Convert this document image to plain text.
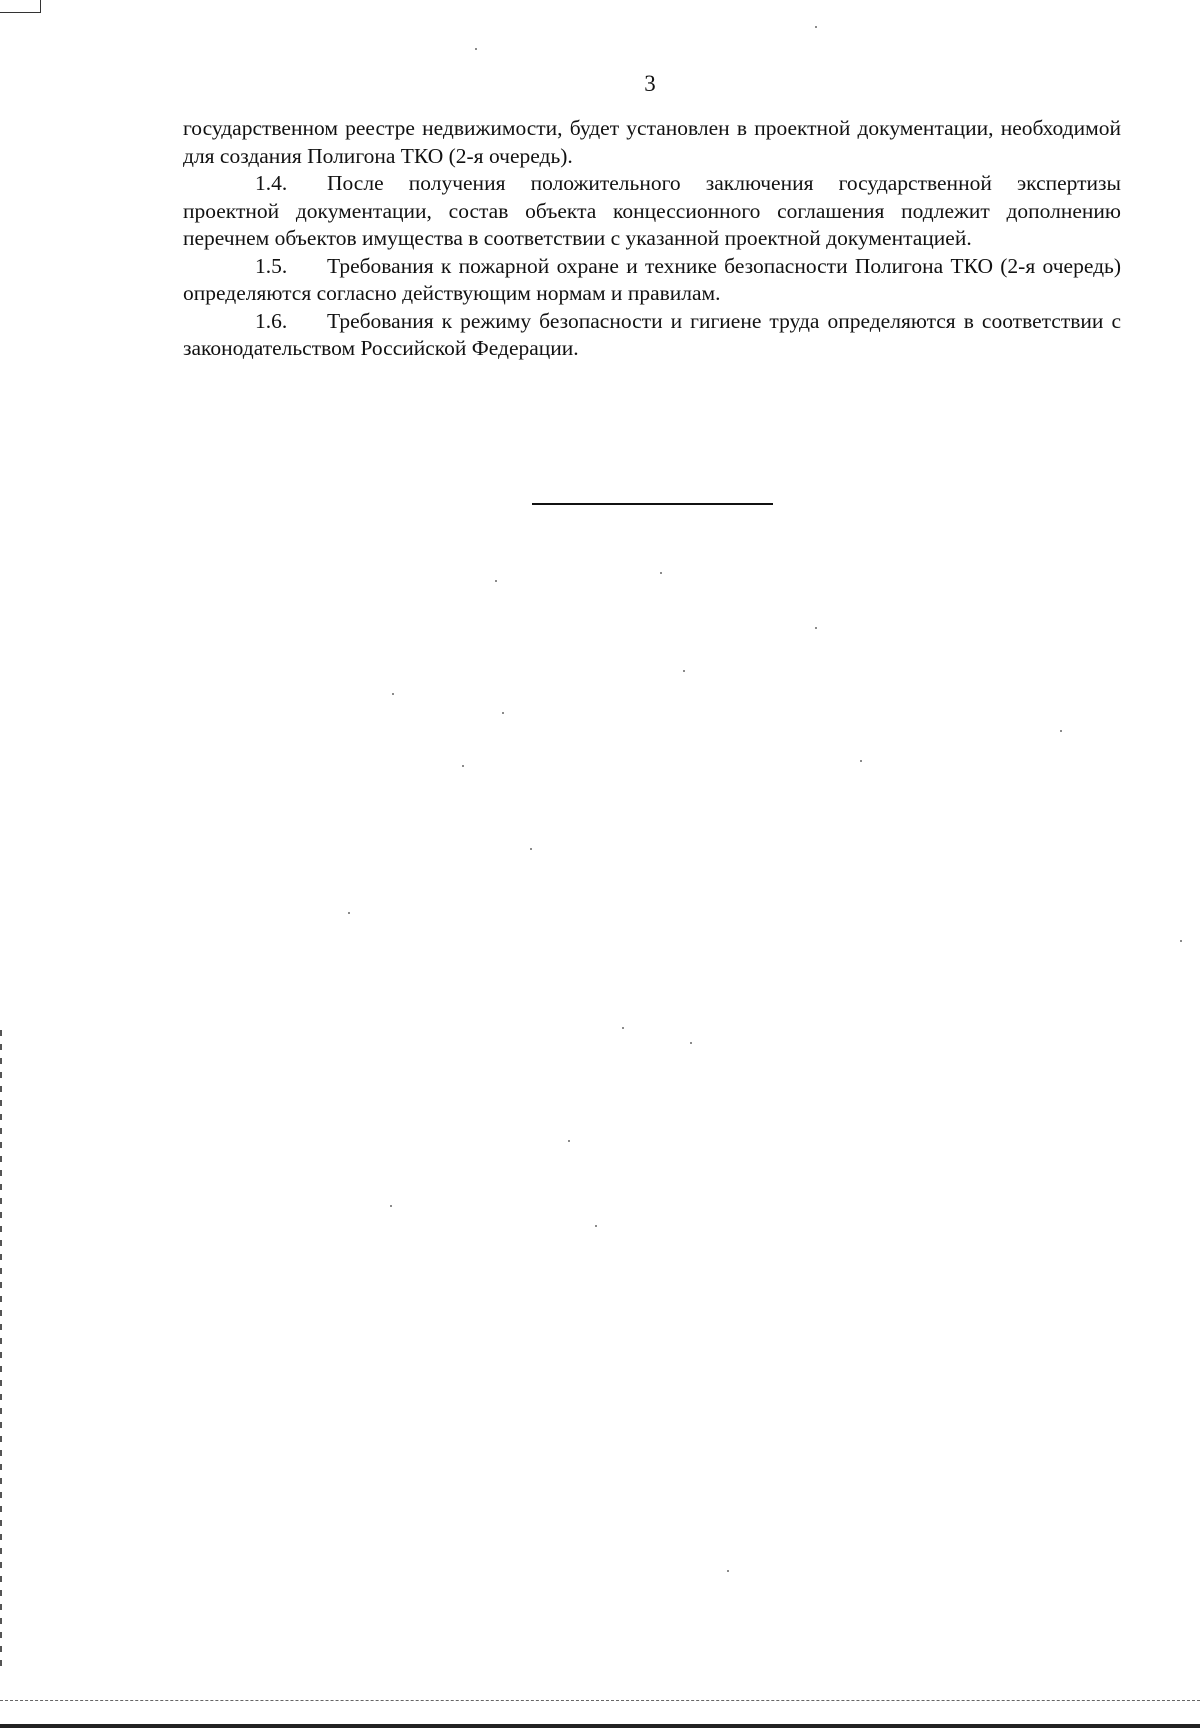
3

государственном реестре недвижимости, будет установлен в проектной документации, необходимой для создания Полигона ТКО (2-я очередь).

1.4. После получения положительного заключения государственной экспертизы проектной документации, состав объекта концессионного соглашения подлежит дополнению перечнем объектов имущества в соответствии с указанной проектной документацией.

1.5. Требования к пожарной охране и технике безопасности Полигона ТКО (2-я очередь) определяются согласно действующим нормам и правилам.

1.6. Требования к режиму безопасности и гигиене труда определяются в соответствии с законодательством Российской Федерации.
